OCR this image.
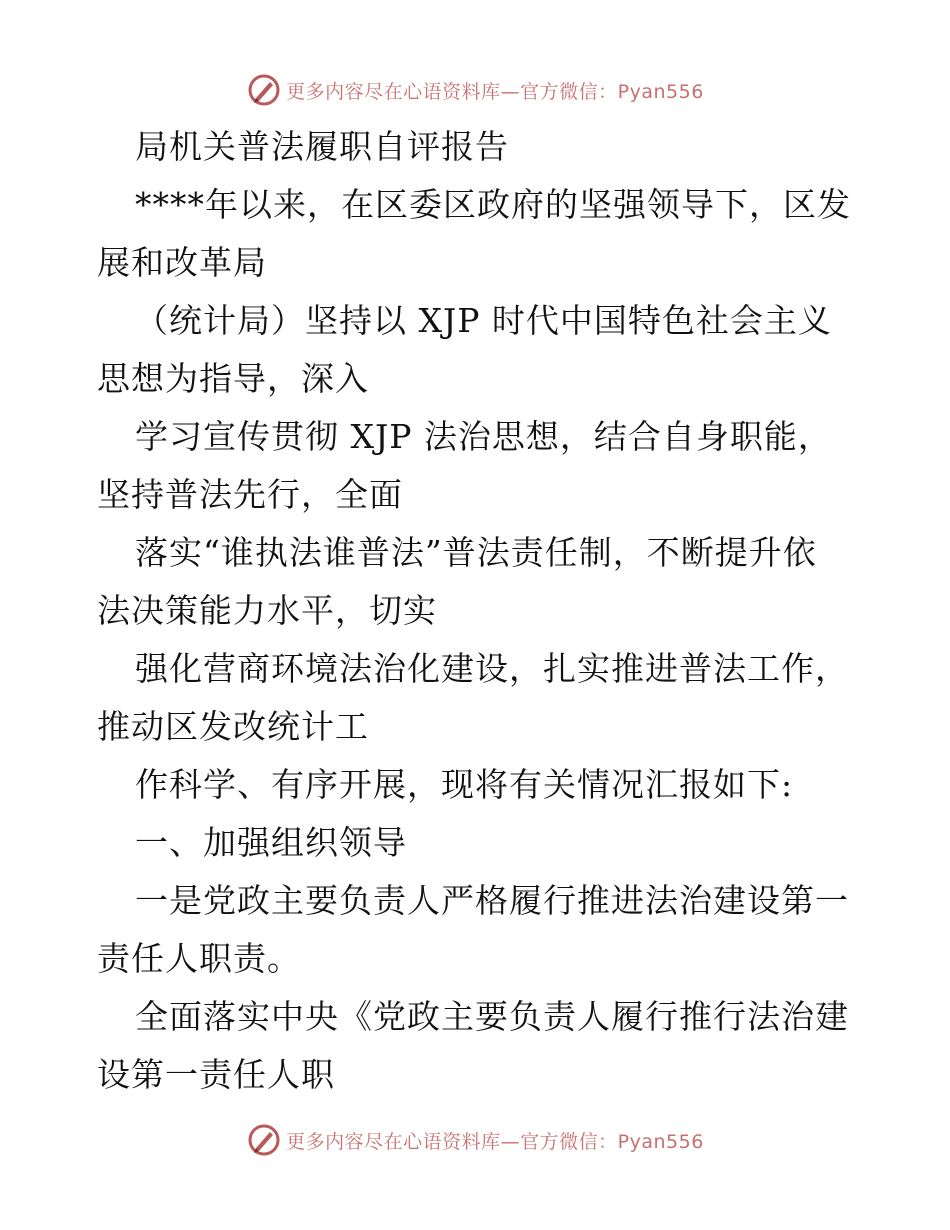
更多内容尽在心语资料库—官方微信：Pyan556
局机关普法履职自评报告
****年以来，在区委区政府的坚强领导下，区发
展和改革局
（统计局）坚持以 XJP 时代中国特色社会主义
思想为指导，深入
学习宣传贯彻 XJP 法治思想，结合自身职能，
坚持普法先行，全面
落实“谁执法谁普法”普法责任制，不断提升依
法决策能力水平，切实
强化营商环境法治化建设，扎实推进普法工作，
推动区发改统计工
作科学、有序开展，现将有关情况汇报如下:
一、加强组织领导
一是党政主要负责人严格履行推进法治建设第一
责任人职责。
全面落实中央《党政主要负责人履行推行法治建
设第一责任人职
更多内容尽在心语资料库—官方微信：Pyan556
